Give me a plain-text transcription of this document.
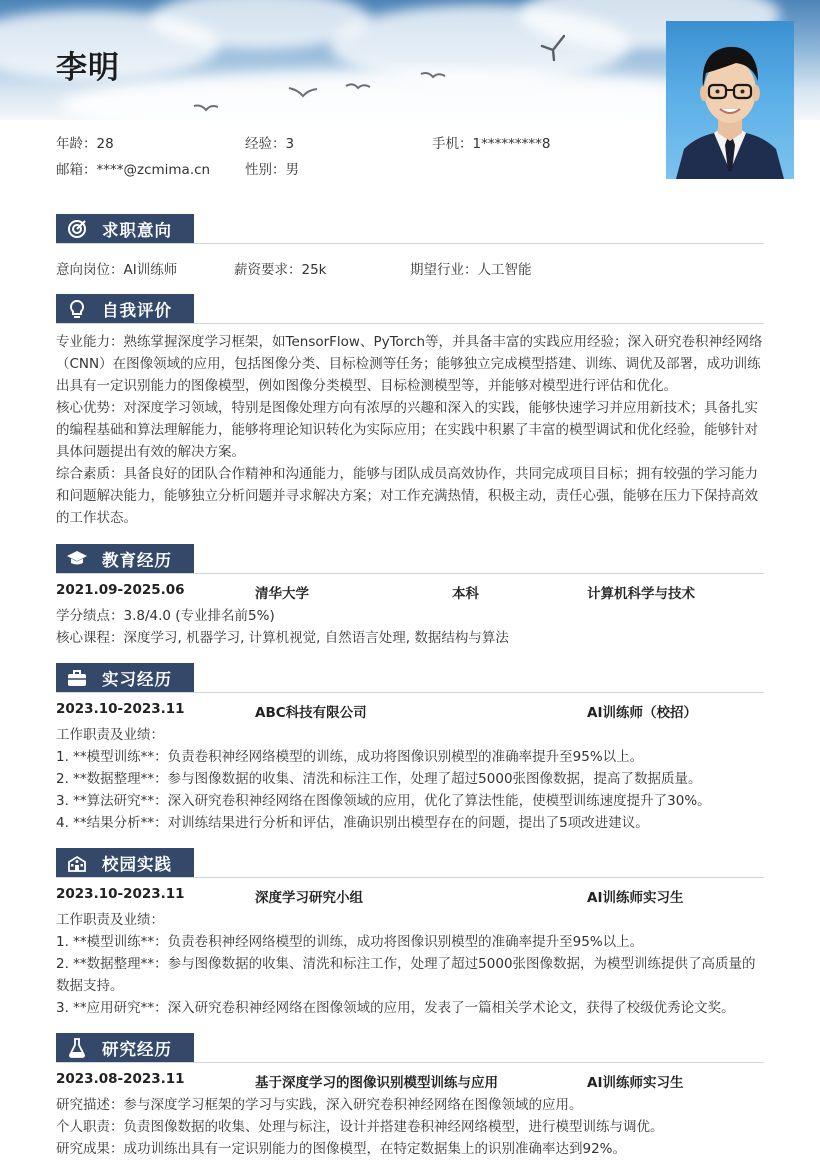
李明
年龄：28	经验：3	手机：1*********8
邮箱：****@zcmima.cn	性别：男
求职意向
意向岗位：AI训练师	薪资要求：25k	期望行业：人工智能
自我评价

专业能力：熟练掌握深度学习框架，如TensorFlow、PyTorch等，并具备丰富的实践应用经验；深入研究卷积神经网络（CNN）在图像领域的应用，包括图像分类、目标检测等任务；能够独立完成模型搭建、训练、调优及部署，成功训练出具有一定识别能力的图像模型，例如图像分类模型、目标检测模型等，并能够对模型进行评估和优化。

核心优势：对深度学习领域，特别是图像处理方向有浓厚的兴趣和深入的实践，能够快速学习并应用新技术；具备扎实的编程基础和算法理解能力，能够将理论知识转化为实际应用；在实践中积累了丰富的模型调试和优化经验，能够针对具体问题提出有效的解决方案。

综合素质：具备良好的团队合作精神和沟通能力，能够与团队成员高效协作，共同完成项目目标；拥有较强的学习能力和问题解决能力，能够独立分析问题并寻求解决方案；对工作充满热情，积极主动，责任心强，能够在压力下保持高效的工作状态。

教育经历
2021.09-2025.06	清华大学	本科	计算机科学与技术

学分绩点：3.8/4.0 (专业排名前5%)

核心课程：深度学习, 机器学习, 计算机视觉, 自然语言处理, 数据结构与算法

实习经历
2023.10-2023.11	ABC科技有限公司	AI训练师（校招）

工作职责及业绩：

1. **模型训练**：负责卷积神经网络模型的训练，成功将图像识别模型的准确率提升至95%以上。

2. **数据整理**：参与图像数据的收集、清洗和标注工作，处理了超过5000张图像数据，提高了数据质量。

3. **算法研究**：深入研究卷积神经网络在图像领域的应用，优化了算法性能，使模型训练速度提升了30%。

4. **结果分析**：对训练结果进行分析和评估，准确识别出模型存在的问题，提出了5项改进建议。

校园实践
2023.10-2023.11	深度学习研究小组	AI训练师实习生

工作职责及业绩：

1. **模型训练**：负责卷积神经网络模型的训练，成功将图像识别模型的准确率提升至95%以上。

2. **数据整理**：参与图像数据的收集、清洗和标注工作，处理了超过5000张图像数据，为模型训练提供了高质量的数据支持。

3. **应用研究**：深入研究卷积神经网络在图像领域的应用，发表了一篇相关学术论文，获得了校级优秀论文奖。

研究经历
2023.08-2023.11	基于深度学习的图像识别模型训练与应用	AI训练师实习生

研究描述：参与深度学习框架的学习与实践，深入研究卷积神经网络在图像领域的应用。

个人职责：负责图像数据的收集、处理与标注，设计并搭建卷积神经网络模型，进行模型训练与调优。

研究成果：成功训练出具有一定识别能力的图像模型，在特定数据集上的识别准确率达到92%。
